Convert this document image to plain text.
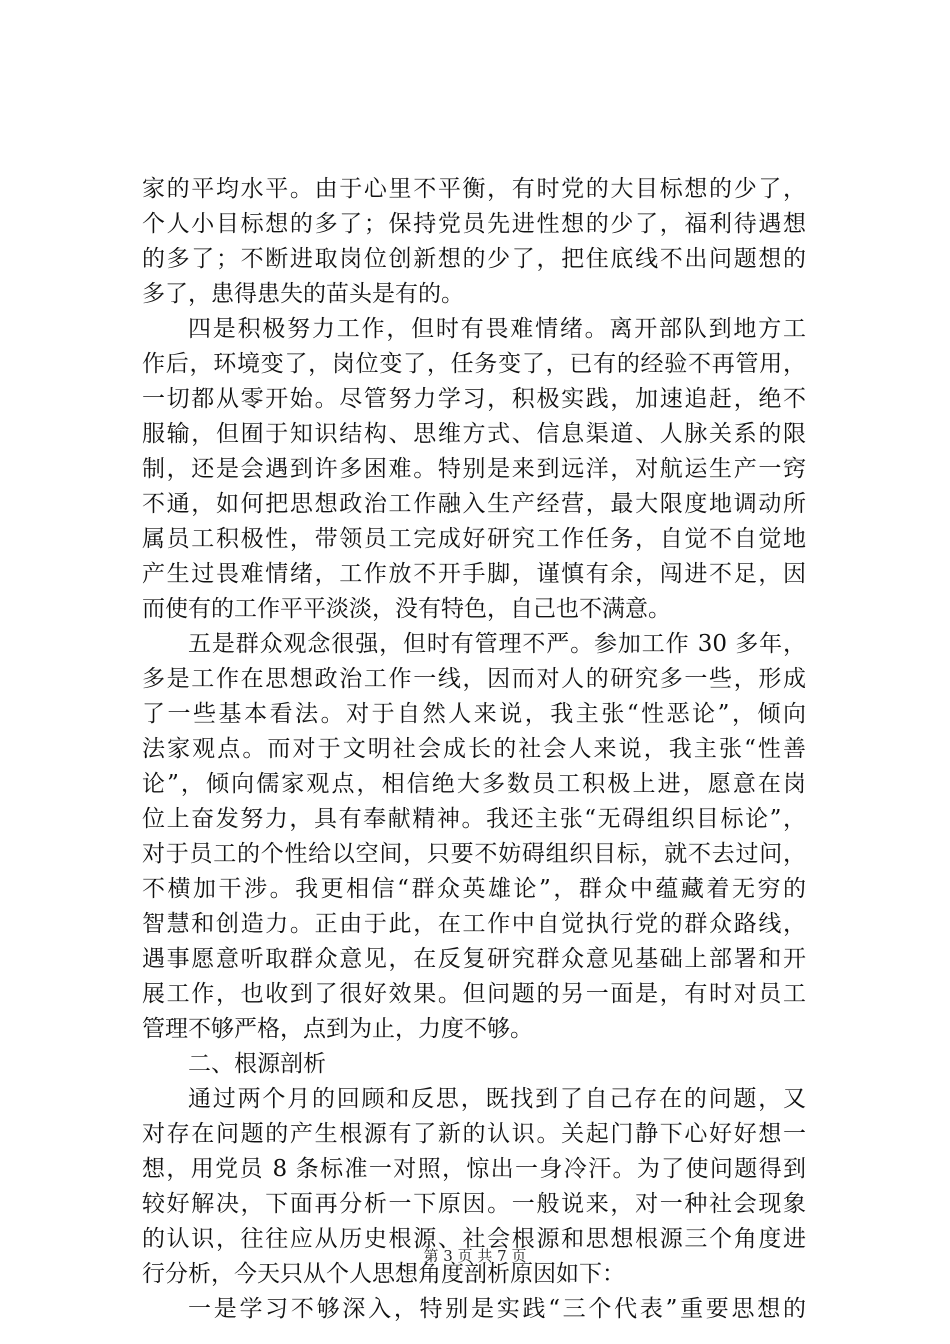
家的平均水平。由于心里不平衡，有时党的大目标想的少了，
个人小目标想的多了；保持党员先进性想的少了，福利待遇想
的多了；不断进取岗位创新想的少了，把住底线不出问题想的
多了，患得患失的苗头是有的。
四是积极努力工作，但时有畏难情绪。离开部队到地方工
作后，环境变了，岗位变了，任务变了，已有的经验不再管用，
一切都从零开始。尽管努力学习，积极实践，加速追赶，绝不
服输，但囿于知识结构、思维方式、信息渠道、人脉关系的限
制，还是会遇到许多困难。特别是来到远洋，对航运生产一窍
不通，如何把思想政治工作融入生产经营，最大限度地调动所
属员工积极性，带领员工完成好研究工作任务，自觉不自觉地
产生过畏难情绪，工作放不开手脚，谨慎有余，闯进不足，因
而使有的工作平平淡淡，没有特色，自己也不满意。
五是群众观念很强，但时有管理不严。参加工作 30 多年，
多是工作在思想政治工作一线，因而对人的研究多一些，形成
了一些基本看法。对于自然人来说，我主张“性恶论”，倾向
法家观点。而对于文明社会成长的社会人来说，我主张“性善
论”，倾向儒家观点，相信绝大多数员工积极上进，愿意在岗
位上奋发努力，具有奉献精神。我还主张“无碍组织目标论”，
对于员工的个性给以空间，只要不妨碍组织目标，就不去过问，
不横加干涉。我更相信“群众英雄论”，群众中蕴藏着无穷的
智慧和创造力。正由于此，在工作中自觉执行党的群众路线，
遇事愿意听取群众意见，在反复研究群众意见基础上部署和开
展工作，也收到了很好效果。但问题的另一面是，有时对员工
管理不够严格，点到为止，力度不够。
二、根源剖析
通过两个月的回顾和反思，既找到了自己存在的问题，又
对存在问题的产生根源有了新的认识。关起门静下心好好想一
想，用党员 8 条标准一对照，惊出一身冷汗。为了使问题得到
较好解决，下面再分析一下原因。一般说来，对一种社会现象
的认识，往往应从历史根源、社会根源和思想根源三个角度进
行分析，今天只从个人思想角度剖析原因如下：
一是学习不够深入，特别是实践“三个代表”重要思想的
第 3 页 共 7 页
